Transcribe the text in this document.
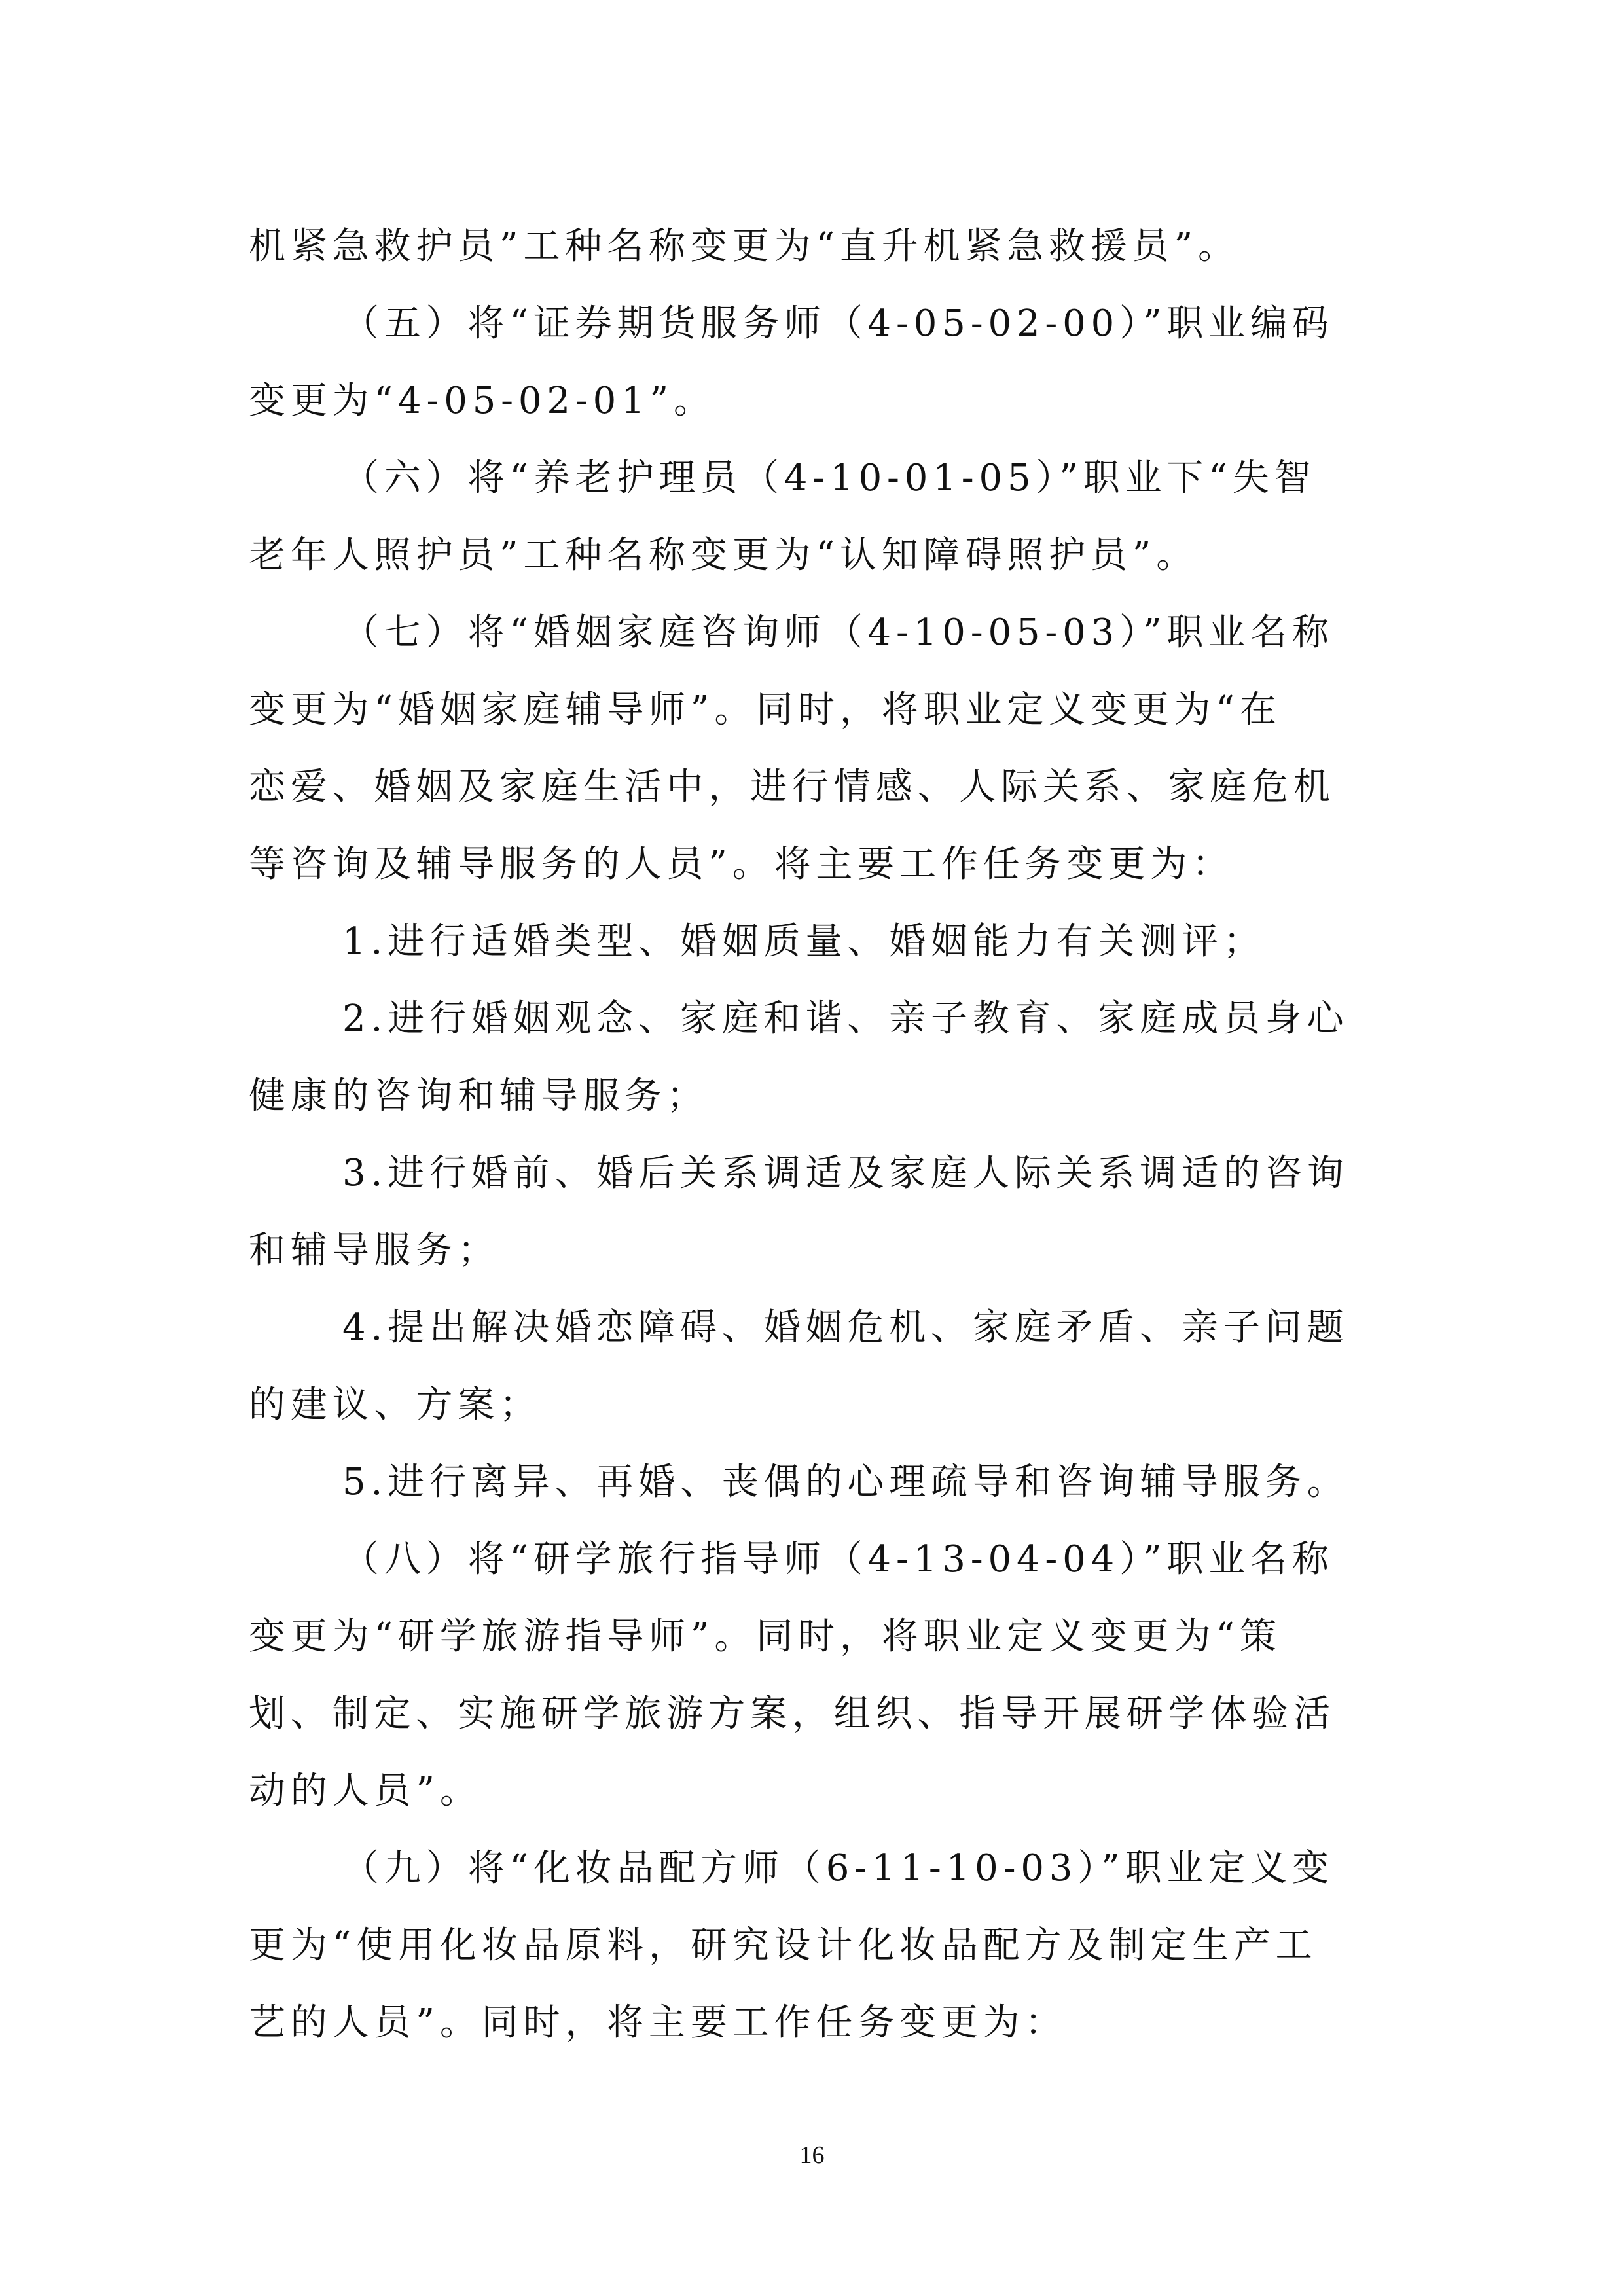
机紧急救护员”工种名称变更为“直升机紧急救援员”。
（五）将“证券期货服务师（4-05-02-00）”职业编码
变更为“4-05-02-01”。
（六）将“养老护理员（4-10-01-05）”职业下“失智
老年人照护员”工种名称变更为“认知障碍照护员”。
（七）将“婚姻家庭咨询师（4-10-05-03）”职业名称
变更为“婚姻家庭辅导师”。同时，将职业定义变更为“在
恋爱、婚姻及家庭生活中，进行情感、人际关系、家庭危机
等咨询及辅导服务的人员”。将主要工作任务变更为：
1.进行适婚类型、婚姻质量、婚姻能力有关测评；
2.进行婚姻观念、家庭和谐、亲子教育、家庭成员身心
健康的咨询和辅导服务；
3.进行婚前、婚后关系调适及家庭人际关系调适的咨询
和辅导服务；
4.提出解决婚恋障碍、婚姻危机、家庭矛盾、亲子问题
的建议、方案；
5.进行离异、再婚、丧偶的心理疏导和咨询辅导服务。
（八）将“研学旅行指导师（4-13-04-04）”职业名称
变更为“研学旅游指导师”。同时，将职业定义变更为“策
划、制定、实施研学旅游方案，组织、指导开展研学体验活
动的人员”。
（九）将“化妆品配方师（6-11-10-03）”职业定义变
更为“使用化妆品原料，研究设计化妆品配方及制定生产工
艺的人员”。同时，将主要工作任务变更为：
16
